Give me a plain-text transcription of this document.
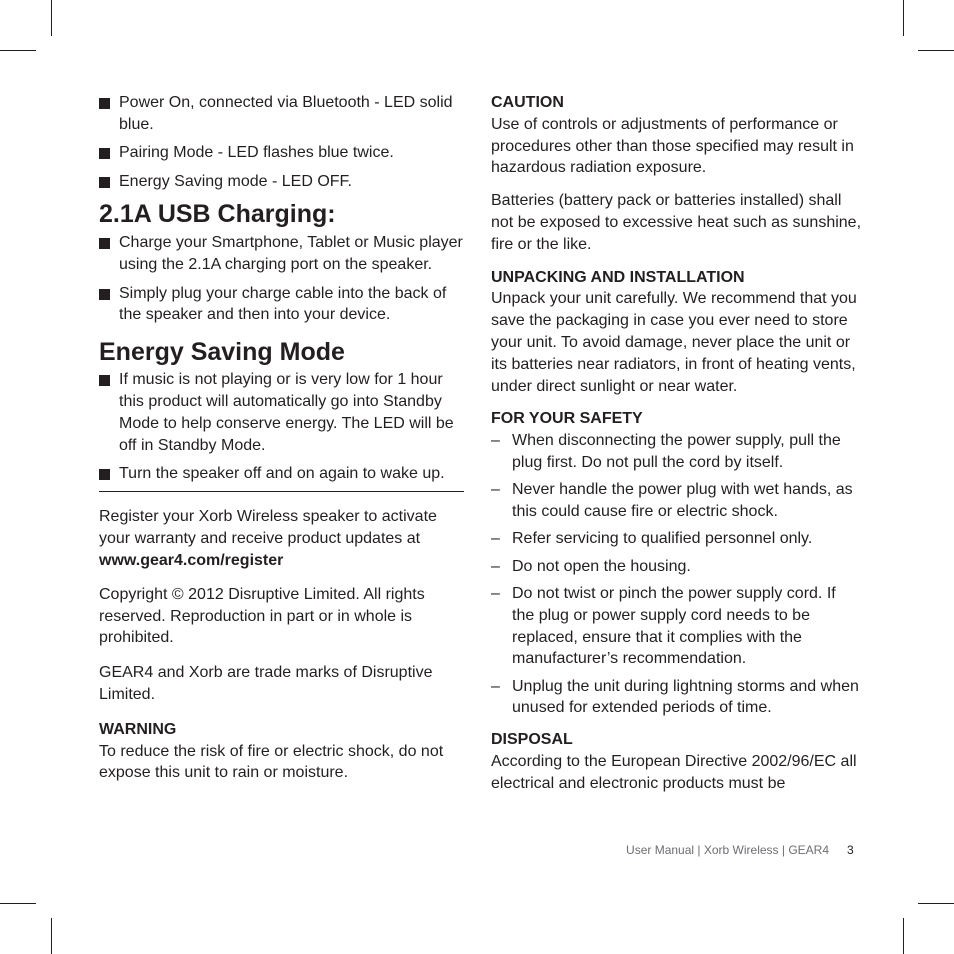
Power On, connected via Bluetooth - LED solid blue.
Pairing Mode - LED flashes blue twice.
Energy Saving mode - LED OFF.
2.1A USB Charging:
Charge your Smartphone, Tablet or Music player using the 2.1A charging port on the speaker.
Simply plug your charge cable into the back of the speaker and then into your device.
Energy Saving Mode
If music is not playing or is very low for 1 hour this product will automatically go into Standby Mode to help conserve energy. The LED will be off in Standby Mode.
Turn the speaker off and on again to wake up.

Register your Xorb Wireless speaker to activate your warranty and receive product updates at www.gear4.com/register

Copyright © 2012 Disruptive Limited. All rights reserved. Reproduction in part or in whole is prohibited.

GEAR4 and Xorb are trade marks of Disruptive Limited.

WARNING

To reduce the risk of fire or electric shock, do not expose this unit to rain or moisture.

CAUTION

Use of controls or adjustments of performance or procedures other than those specified may result in hazardous radiation exposure.

Batteries (battery pack or batteries installed) shall not be exposed to excessive heat such as sunshine, fire or the like.

UNPACKING AND INSTALLATION

Unpack your unit carefully. We recommend that you save the packaging in case you ever need to store your unit. To avoid damage, never place the unit or its batteries near radiators, in front of heating vents, under direct sunlight or near water.

FOR YOUR SAFETY

– When disconnecting the power supply, pull the plug first. Do not pull the cord by itself.
– Never handle the power plug with wet hands, as this could cause fire or electric shock.
– Refer servicing to qualified personnel only.
– Do not open the housing.
– Do not twist or pinch the power supply cord. If the plug or power supply cord needs to be replaced, ensure that it complies with the manufacturer’s recommendation.
– Unplug the unit during lightning storms and when unused for extended periods of time.

DISPOSAL

According to the European Directive 2002/96/EC all electrical and electronic products must be

User Manual | Xorb Wireless | GEAR4 3
